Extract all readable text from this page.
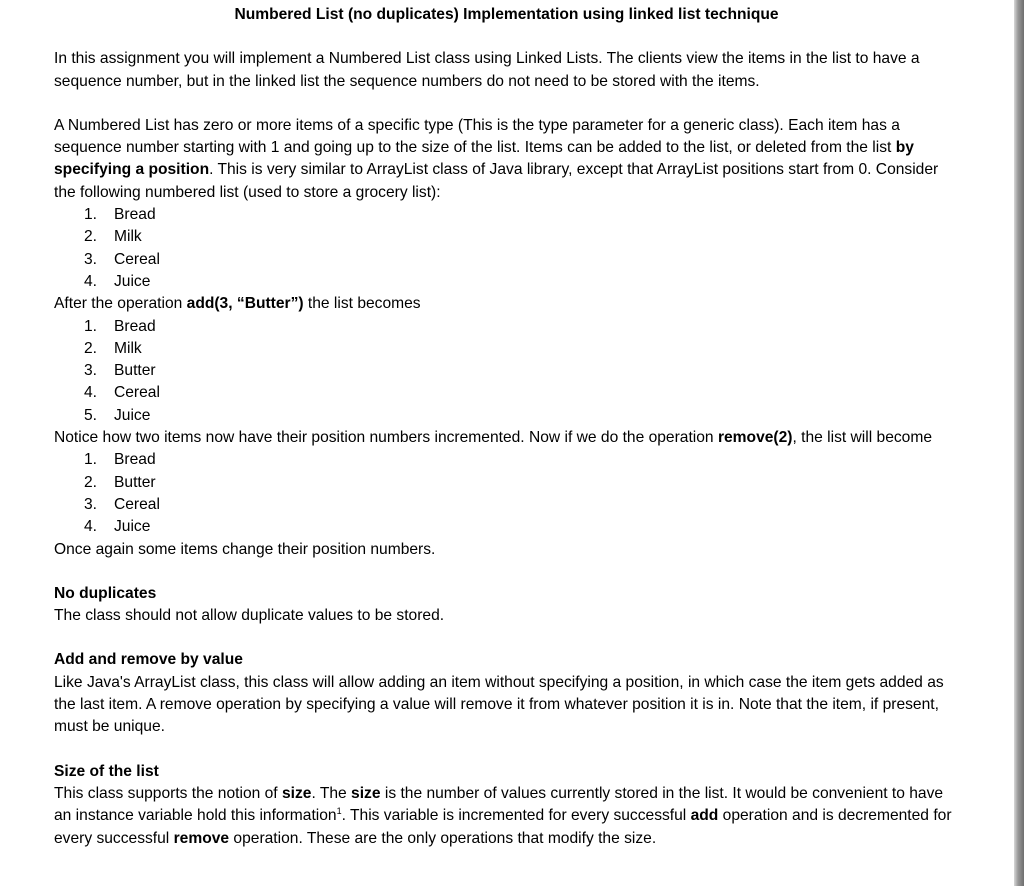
Numbered List (no duplicates) Implementation using linked list technique

In this assignment you will implement a Numbered List class using Linked Lists. The clients view the items in the list to have a sequence number, but in the linked list the sequence numbers do not need to be stored with the items.

A Numbered List has zero or more items of a specific type (This is the type parameter for a generic class). Each item has a sequence number starting with 1 and going up to the size of the list. Items can be added to the list, or deleted from the list by specifying a position. This is very similar to ArrayList class of Java library, except that ArrayList positions start from 0. Consider the following numbered list (used to store a grocery list):

1. Bread
2. Milk
3. Cereal
4. Juice

After the operation add(3, “Butter”) the list becomes

1. Bread
2. Milk
3. Butter
4. Cereal
5. Juice

Notice how two items now have their position numbers incremented. Now if we do the operation remove(2), the list will become

1. Bread
2. Butter
3. Cereal
4. Juice

Once again some items change their position numbers.

No duplicates

The class should not allow duplicate values to be stored.

Add and remove by value

Like Java's ArrayList class, this class will allow adding an item without specifying a position, in which case the item gets added as the last item. A remove operation by specifying a value will remove it from whatever position it is in. Note that the item, if present, must be unique.

Size of the list

This class supports the notion of size. The size is the number of values currently stored in the list. It would be convenient to have an instance variable hold this information$^1$. This variable is incremented for every successful add operation and is decremented for every successful remove operation. These are the only operations that modify the size.
